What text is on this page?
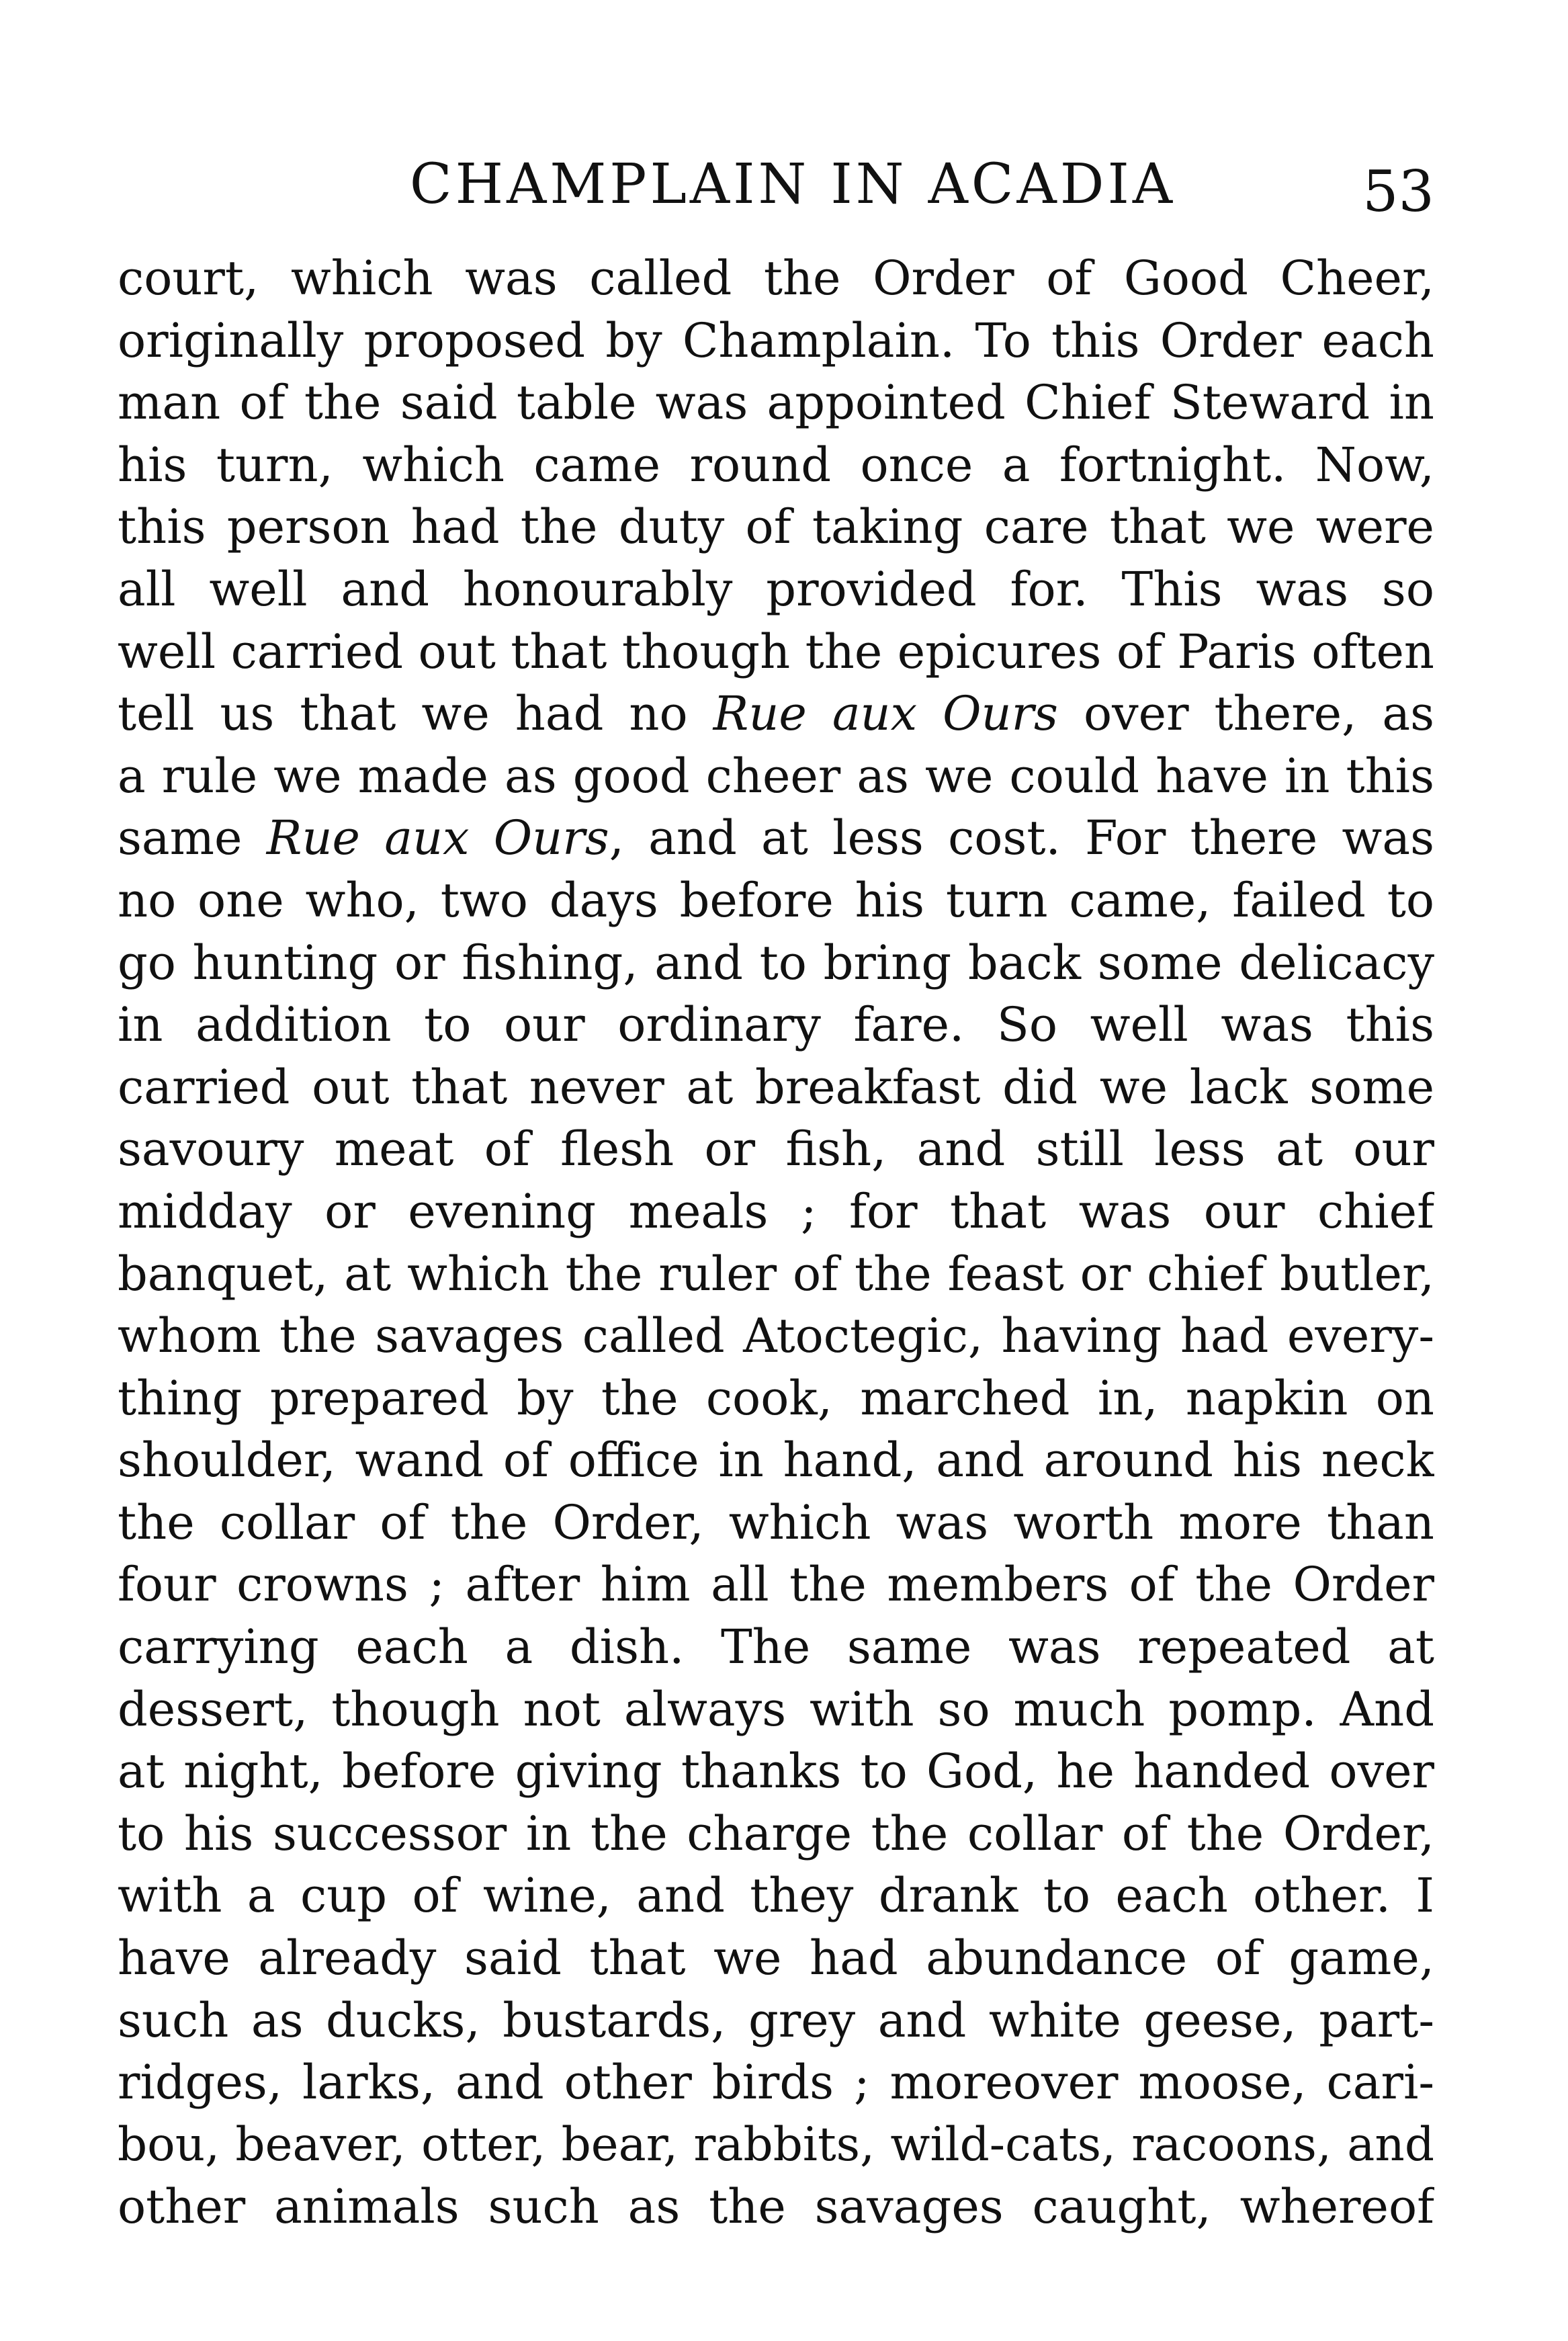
CHAMPLAIN IN ACADIA	53
court, which was called the Order of Good Cheer,
originally proposed by Champlain. To this Order each
man of the said table was appointed Chief Steward in
his turn, which came round once a fortnight. Now,
this person had the duty of taking care that we were
all well and honourably provided for. This was so
well carried out that though the epicures of Paris often
tell us that we had no Rue aux Ours over there, as
a rule we made as good cheer as we could have in this
same Rue aux Ours, and at less cost. For there was
no one who, two days before his turn came, failed to
go hunting or fishing, and to bring back some delicacy
in addition to our ordinary fare. So well was this
carried out that never at breakfast did we lack some
savoury meat of flesh or fish, and still less at our
midday or evening meals ; for that was our chief
banquet, at which the ruler of the feast or chief butler,
whom the savages called Atoctegic, having had every-
thing prepared by the cook, marched in, napkin on
shoulder, wand of office in hand, and around his neck
the collar of the Order, which was worth more than
four crowns ; after him all the members of the Order
carrying each a dish. The same was repeated at
dessert, though not always with so much pomp. And
at night, before giving thanks to God, he handed over
to his successor in the charge the collar of the Order,
with a cup of wine, and they drank to each other. I
have already said that we had abundance of game,
such as ducks, bustards, grey and white geese, part-
ridges, larks, and other birds ; moreover moose, cari-
bou, beaver, otter, bear, rabbits, wild-cats, racoons, and
other animals such as the savages caught, whereof
